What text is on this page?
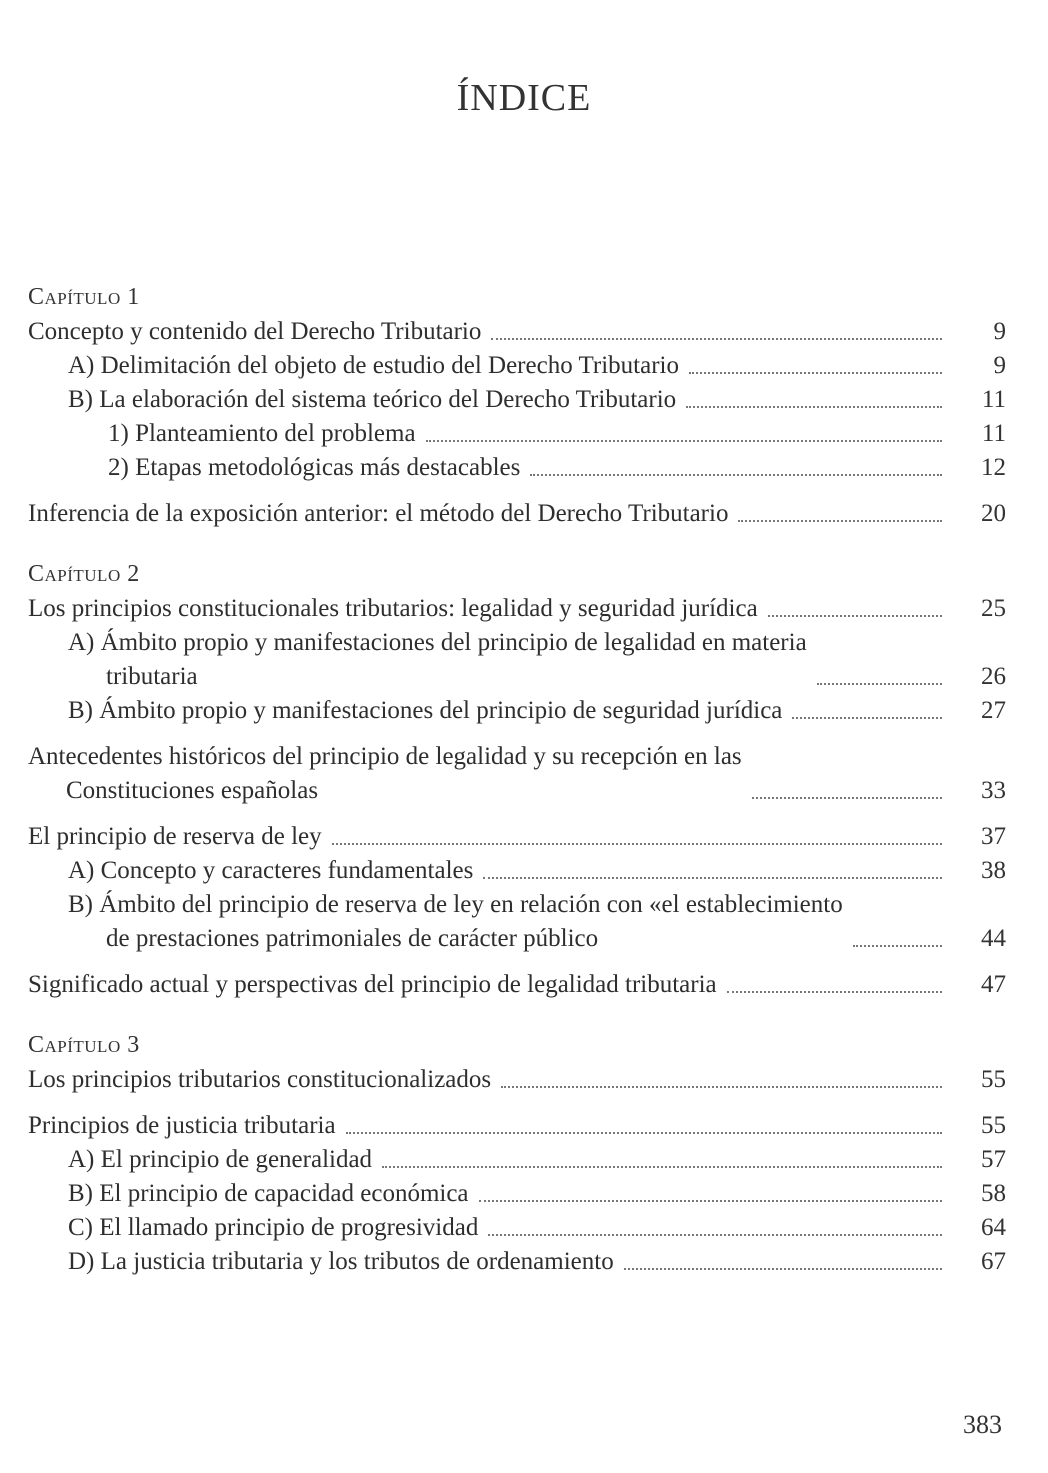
ÍNDICE
Capítulo 1
Concepto y contenido del Derecho Tributario	9
A) Delimitación del objeto de estudio del Derecho Tributario	9
B) La elaboración del sistema teórico del Derecho Tributario	11
1) Planteamiento del problema	11
2) Etapas metodológicas más destacables	12
Inferencia de la exposición anterior: el método del Derecho Tributario	20
Capítulo 2
Los principios constitucionales tributarios: legalidad y seguridad jurídica	25
A) Ámbito propio y manifestaciones del principio de legalidad en materia
tributaria	26
B) Ámbito propio y manifestaciones del principio de seguridad jurídica	27
Antecedentes históricos del principio de legalidad y su recepción en las
Constituciones españolas	33
El principio de reserva de ley	37
A) Concepto y caracteres fundamentales	38
B) Ámbito del principio de reserva de ley en relación con «el establecimiento
de prestaciones patrimoniales de carácter público	44
Significado actual y perspectivas del principio de legalidad tributaria	47
Capítulo 3
Los principios tributarios constitucionalizados	55
Principios de justicia tributaria	55
A) El principio de generalidad	57
B) El principio de capacidad económica	58
C) El llamado principio de progresividad	64
D) La justicia tributaria y los tributos de ordenamiento	67
383
